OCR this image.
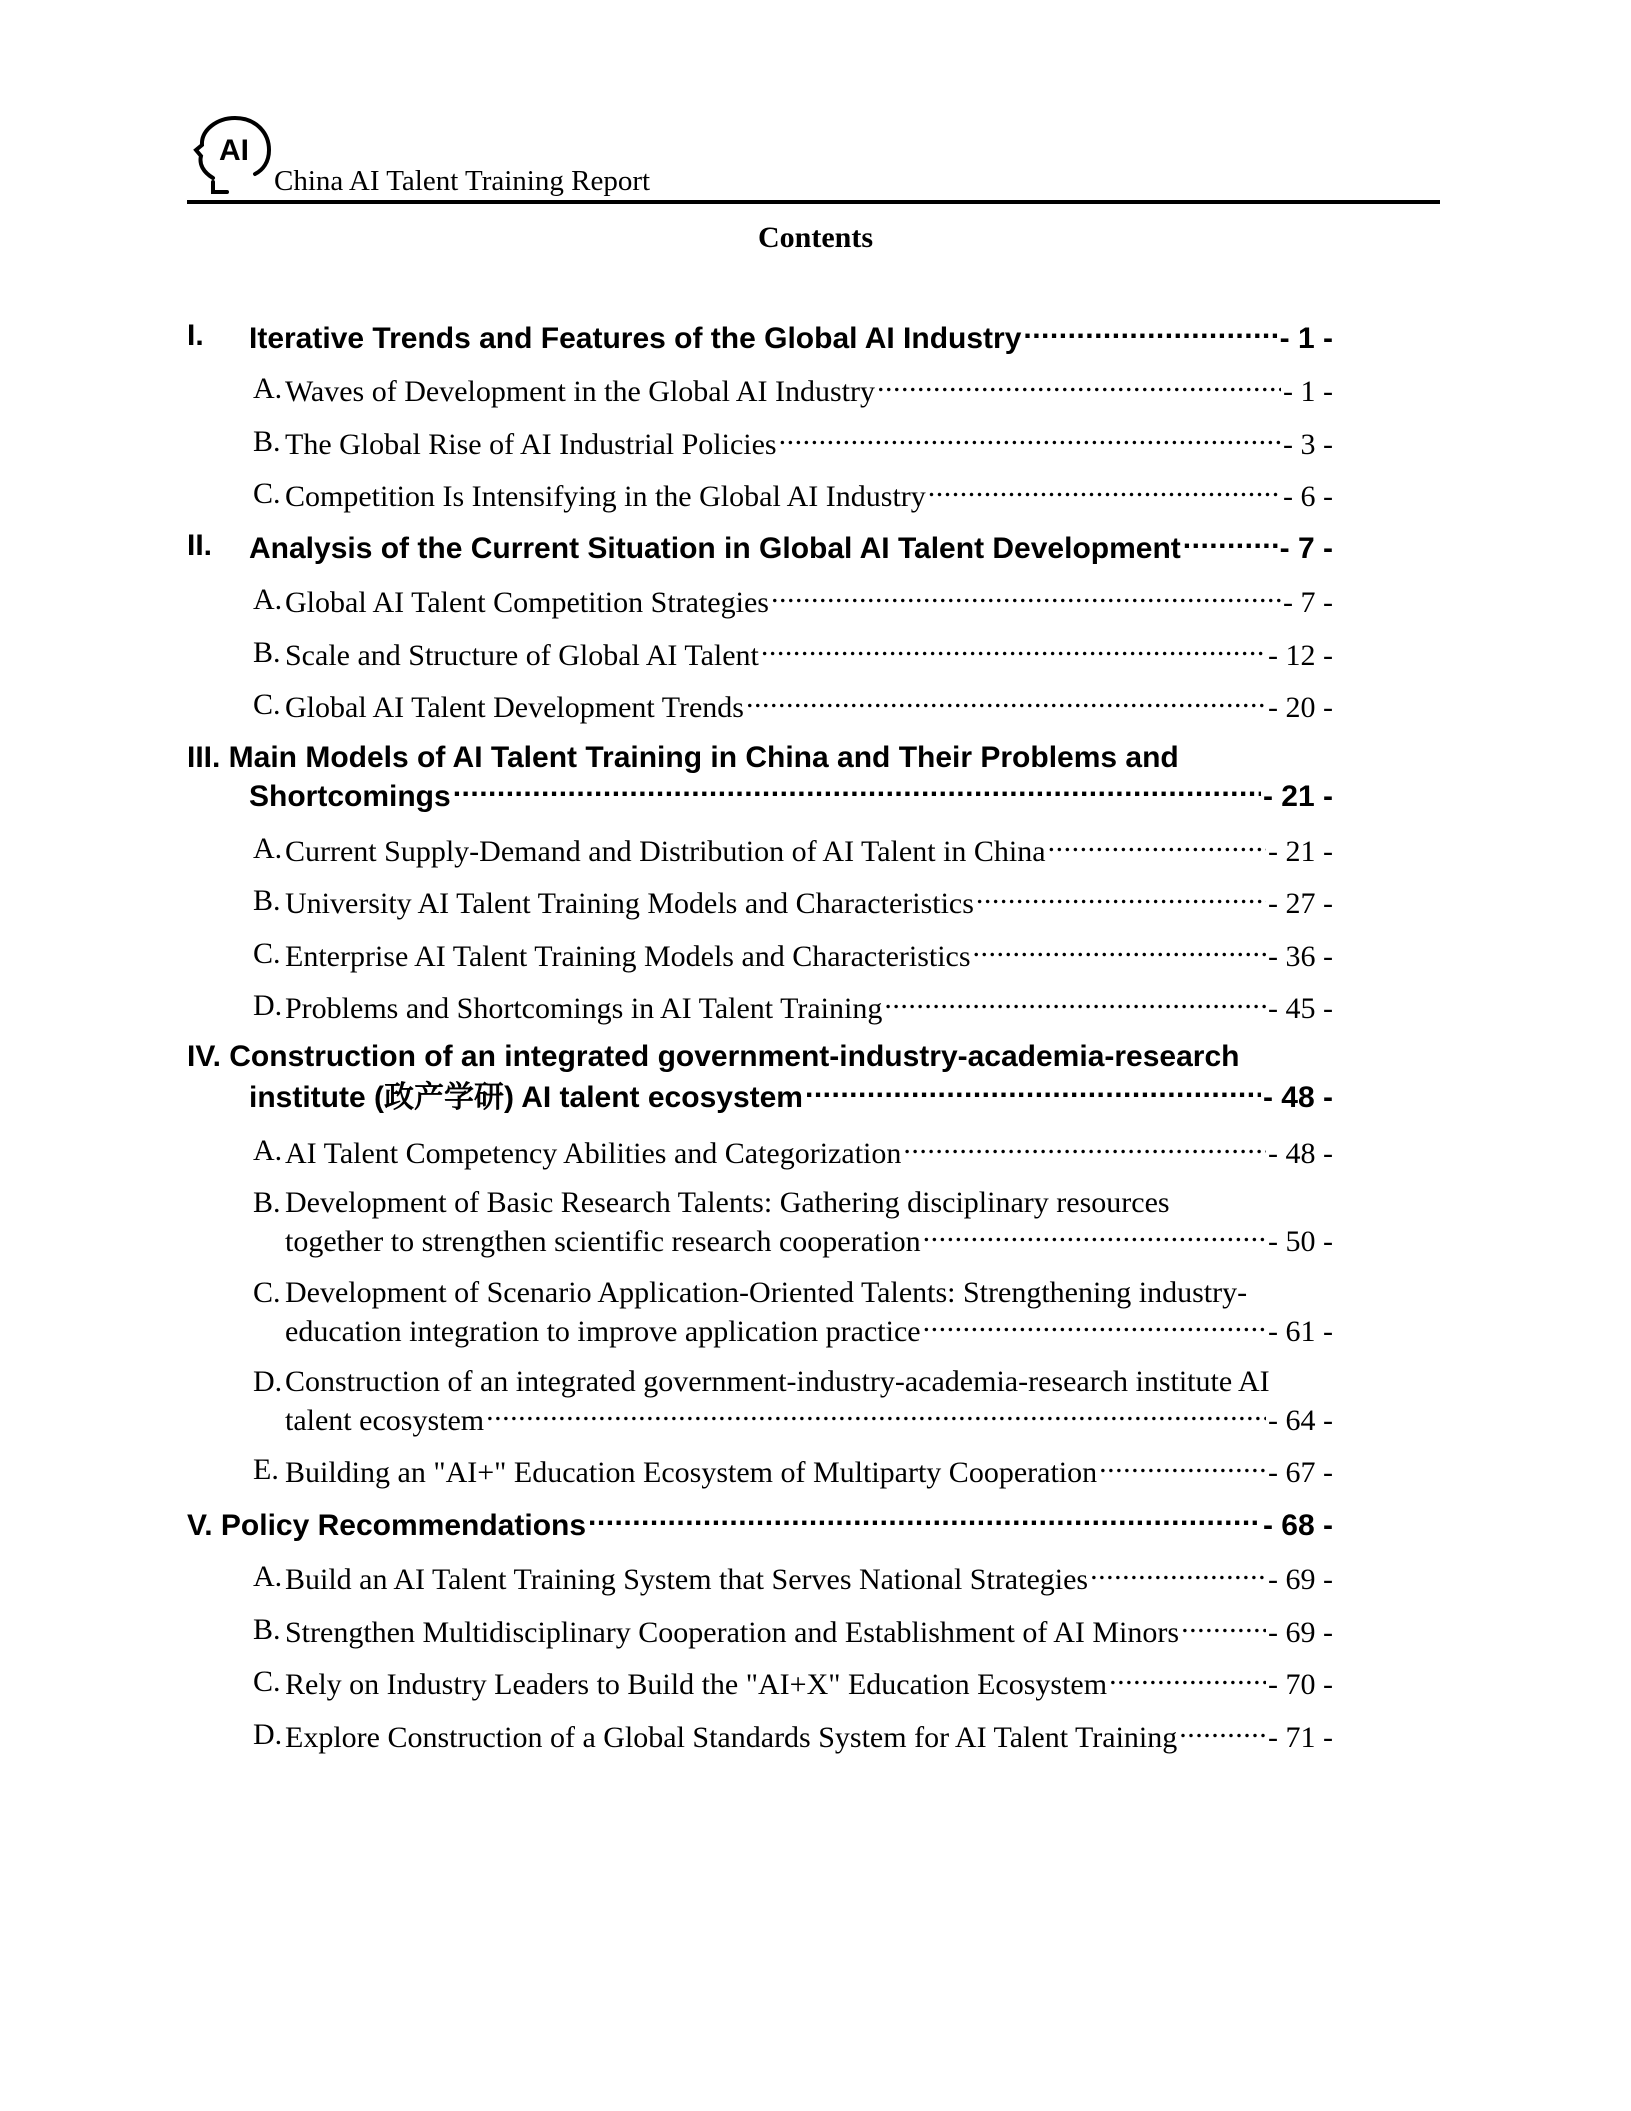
AI
China AI Talent Training Report
Contents
I. Iterative Trends and Features of the Global AI Industry .....	- 1 -
A. Waves of Development in the Global AI Industry .....	- 1 -
B. The Global Rise of AI Industrial Policies .....	- 3 -
C. Competition Is Intensifying in the Global AI Industry .....	- 6 -
II. Analysis of the Current Situation in Global AI Talent Development .....	- 7 -
A. Global AI Talent Competition Strategies .....	- 7 -
B. Scale and Structure of Global AI Talent .....	- 12 -
C. Global AI Talent Development Trends .....	- 20 -
III. Main Models of AI Talent Training in China and Their Problems and
Shortcomings .....	- 21 -
A. Current Supply-Demand and Distribution of AI Talent in China .....	- 21 -
B. University AI Talent Training Models and Characteristics .....	- 27 -
C. Enterprise AI Talent Training Models and Characteristics .....	- 36 -
D. Problems and Shortcomings in AI Talent Training .....	- 45 -
IV. Construction of an integrated government-industry-academia-research
institute (政产学研) AI talent ecosystem .....	- 48 -
A. AI Talent Competency Abilities and Categorization .....	- 48 -
B. Development of Basic Research Talents: Gathering disciplinary resources
together to strengthen scientific research cooperation .....	- 50 -
C. Development of Scenario Application-Oriented Talents: Strengthening industry-
education integration to improve application practice .....	- 61 -
D. Construction of an integrated government-industry-academia-research institute AI
talent ecosystem .....	- 64 -
E. Building an "AI+" Education Ecosystem of Multiparty Cooperation .....	- 67 -
V. Policy Recommendations .....	- 68 -
A. Build an AI Talent Training System that Serves National Strategies .....	- 69 -
B. Strengthen Multidisciplinary Cooperation and Establishment of AI Minors .....	- 69 -
C. Rely on Industry Leaders to Build the "AI+X" Education Ecosystem .....	- 70 -
D. Explore Construction of a Global Standards System for AI Talent Training .....	- 71 -
